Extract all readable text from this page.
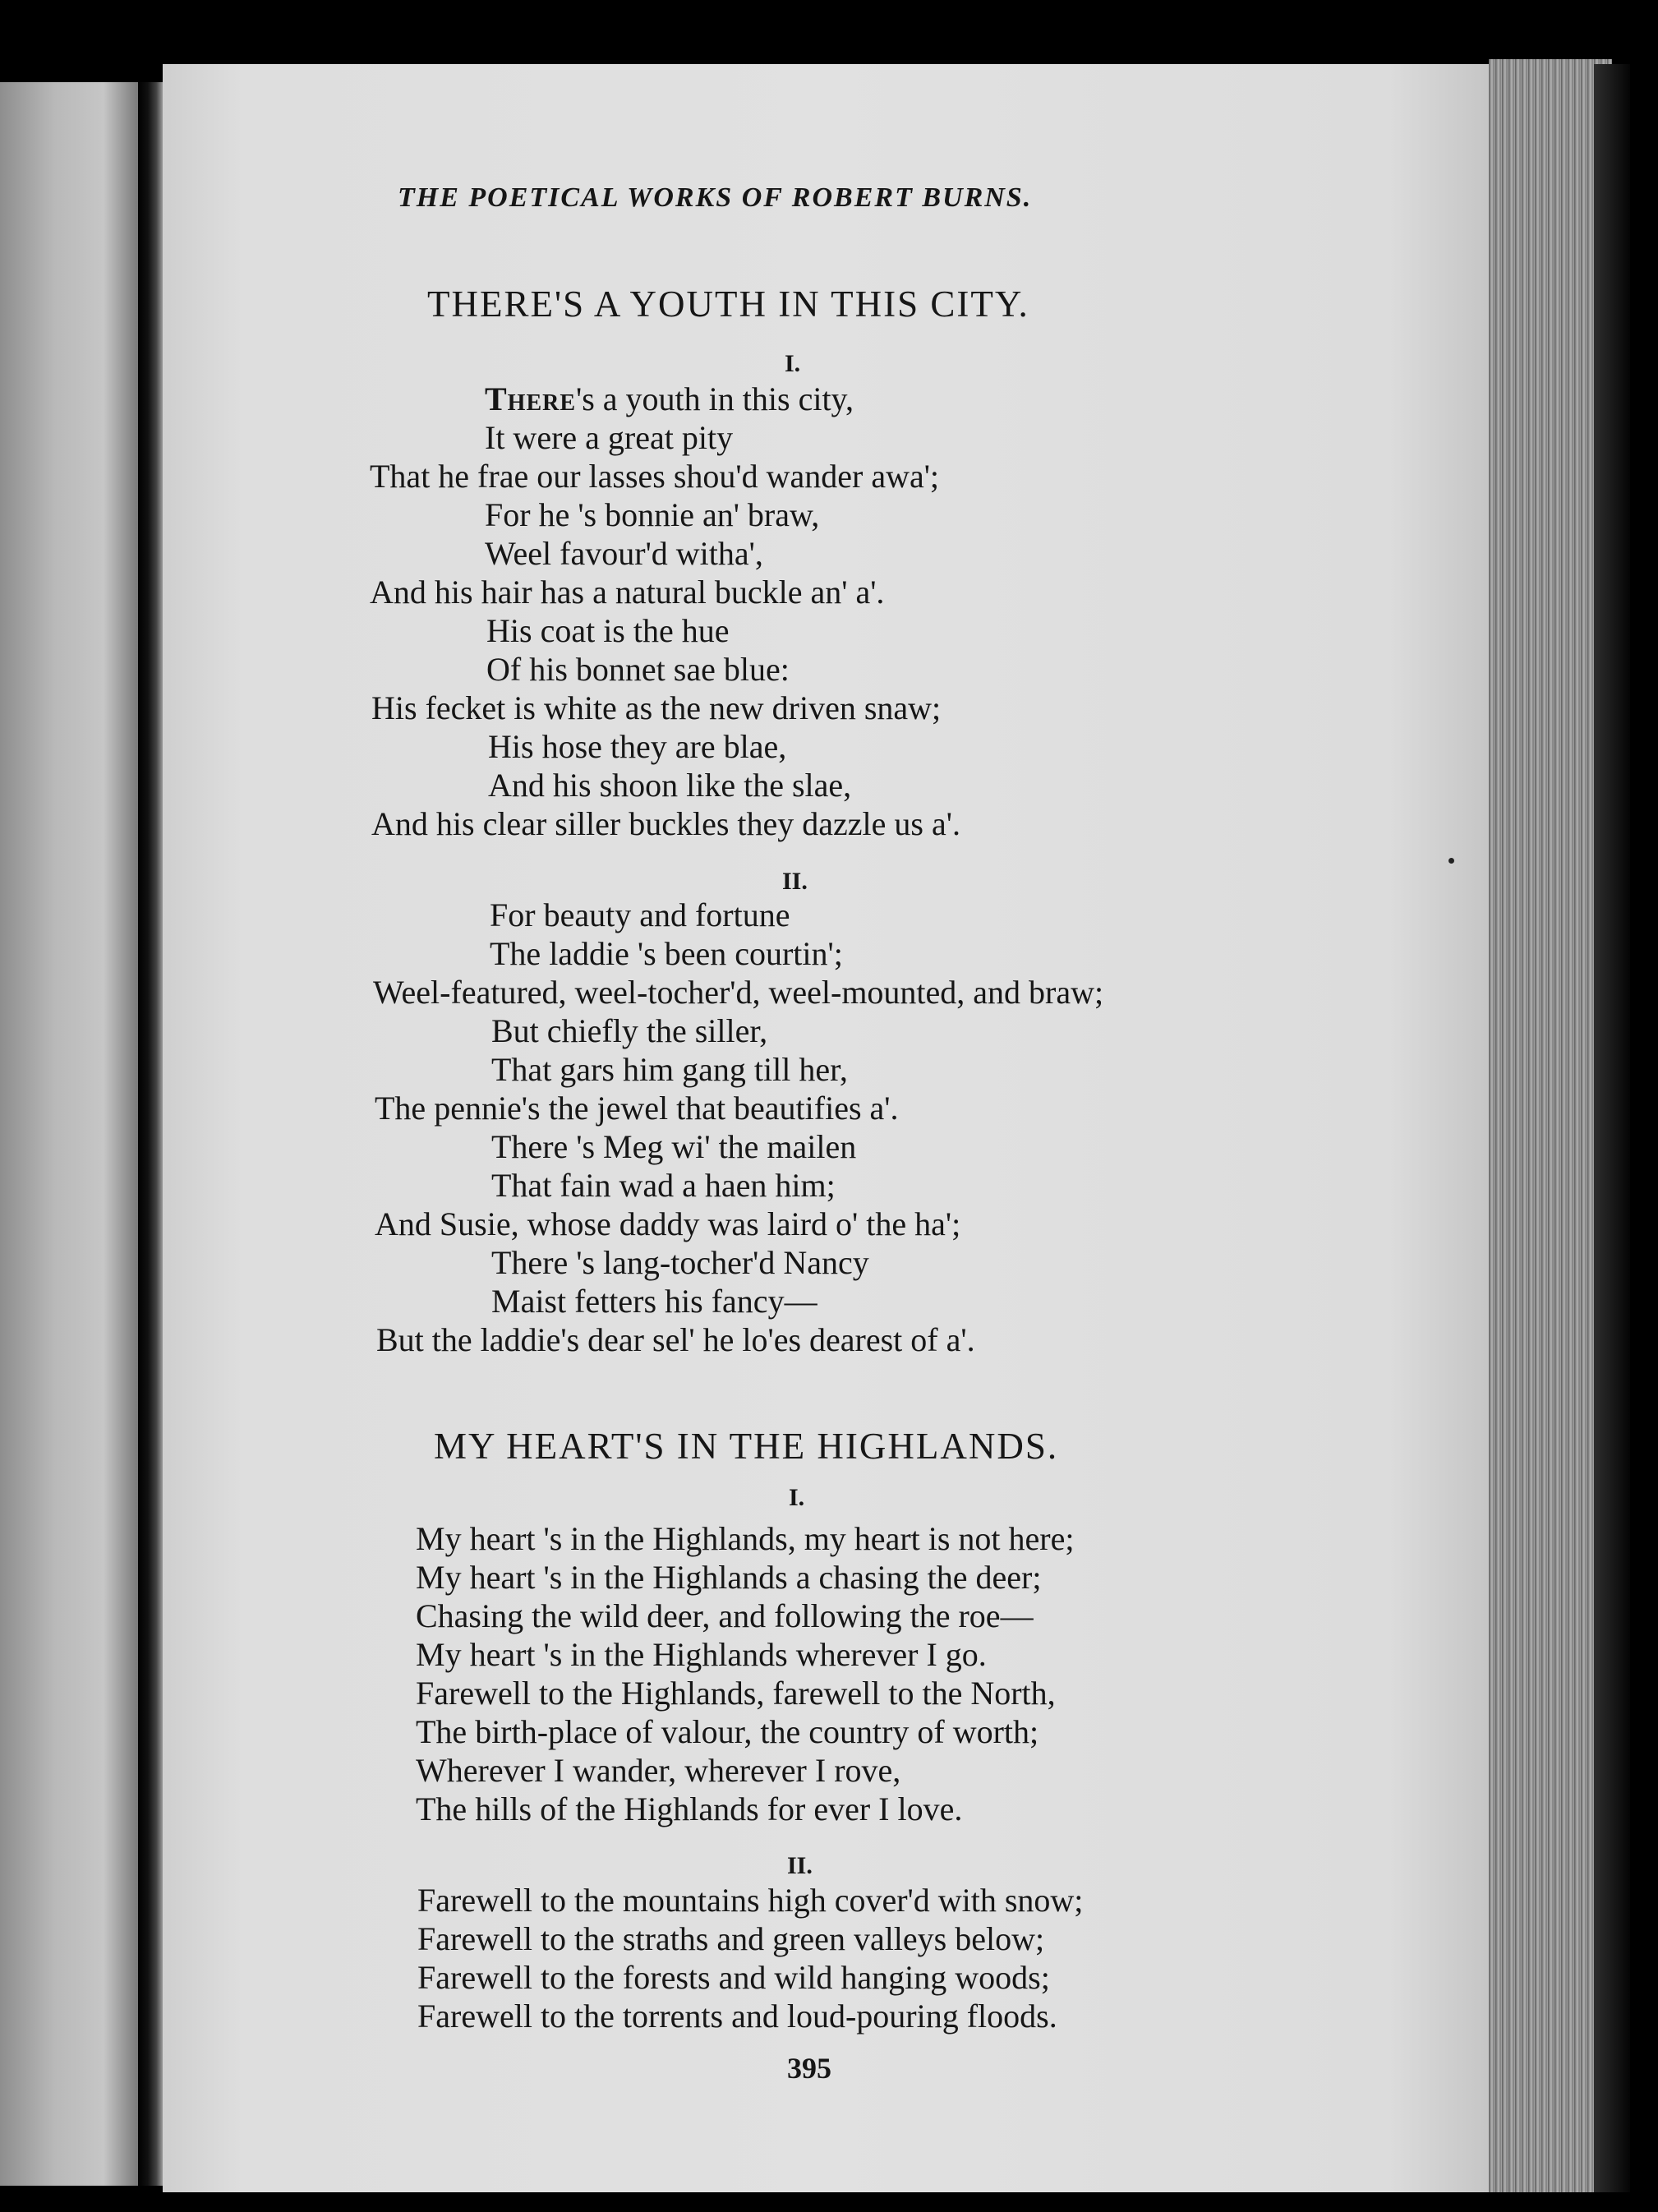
THE POETICAL WORKS OF ROBERT BURNS.
THERE'S A YOUTH IN THIS CITY.
I.
There's a youth in this city,
It were a great pity
That he frae our lasses shou'd wander awa';
For he 's bonnie an' braw,
Weel favour'd witha',
And his hair has a natural buckle an' a'.
His coat is the hue
Of his bonnet sae blue:
His fecket is white as the new driven snaw;
His hose they are blae,
And his shoon like the slae,
And his clear siller buckles they dazzle us a'.
II.
For beauty and fortune
The laddie 's been courtin';
Weel-featured, weel-tocher'd, weel-mounted, and braw;
But chiefly the siller,
That gars him gang till her,
The pennie's the jewel that beautifies a'.
There 's Meg wi' the mailen
That fain wad a haen him;
And Susie, whose daddy was laird o' the ha';
There 's lang-tocher'd Nancy
Maist fetters his fancy—
But the laddie's dear sel' he lo'es dearest of a'.
MY HEART'S IN THE HIGHLANDS.
I.
My heart 's in the Highlands, my heart is not here;
My heart 's in the Highlands a chasing the deer;
Chasing the wild deer, and following the roe—
My heart 's in the Highlands wherever I go.
Farewell to the Highlands, farewell to the North,
The birth-place of valour, the country of worth;
Wherever I wander, wherever I rove,
The hills of the Highlands for ever I love.
II.
Farewell to the mountains high cover'd with snow;
Farewell to the straths and green valleys below;
Farewell to the forests and wild hanging woods;
Farewell to the torrents and loud-pouring floods.
395
